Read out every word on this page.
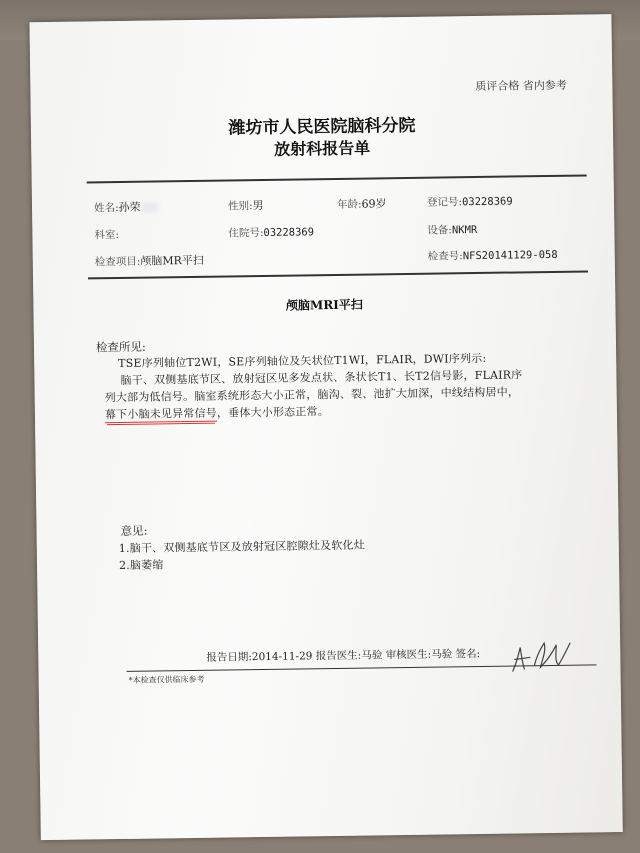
质评合格 省内参考
潍坊市人民医院脑科分院
放射科报告单
姓名:孙荣	性别:男	年龄:69岁	登记号:03228369
科室:	住院号:03228369	设备:NKMR
检查项目:颅脑MR平扫	检查号:NFS20141129-058
颅脑MRI平扫
检查所见:
TSE序列轴位T2WI，SE序列轴位及矢状位T1WI，FLAIR，DWI序列示:
脑干、双侧基底节区、放射冠区见多发点状、条状长T1、长T2信号影，FLAIR序
列大部为低信号。脑室系统形态大小正常，脑沟、裂、池扩大加深，中线结构居中，
幕下小脑未见异常信号，垂体大小形态正常。
意见:
1.脑干、双侧基底节区及放射冠区腔隙灶及软化灶
2.脑萎缩
报告日期:2014-11-29 报告医生:马验 审核医生:马验 签名:
*本检查仅供临床参考
